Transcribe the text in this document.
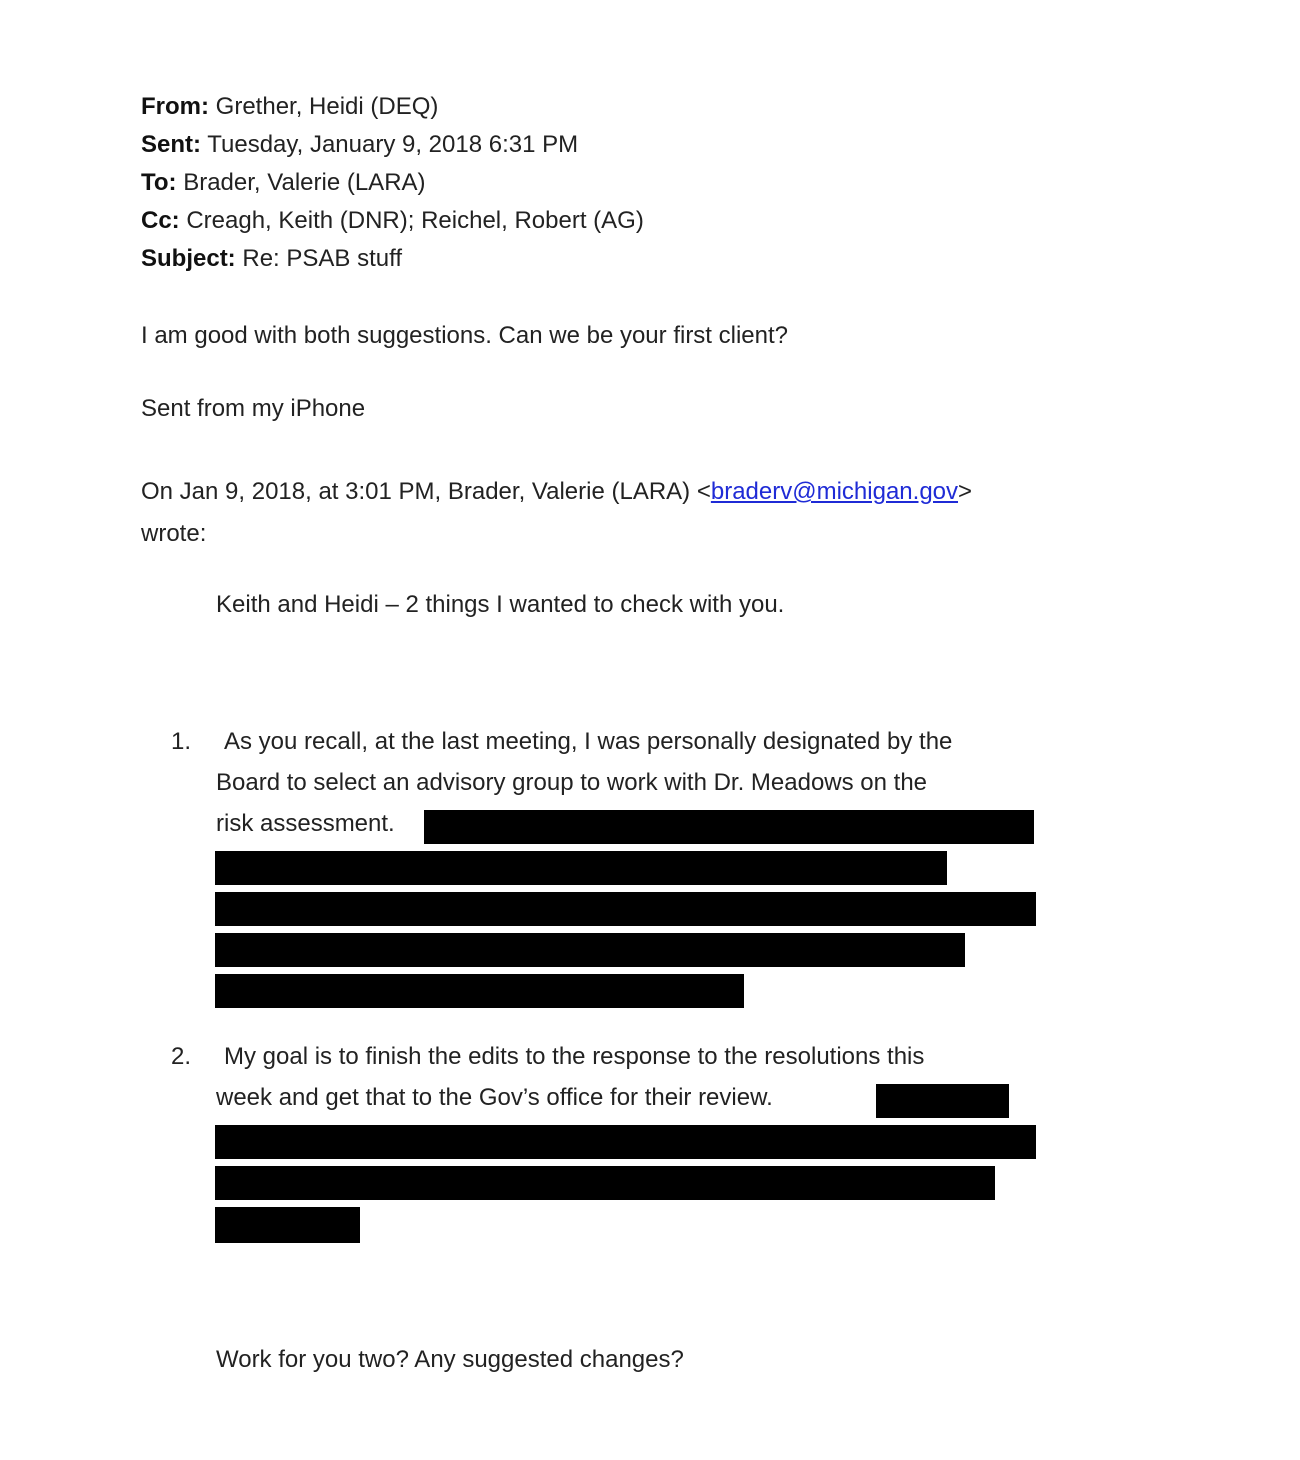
From: Grether, Heidi (DEQ)
Sent: Tuesday, January 9, 2018 6:31 PM
To: Brader, Valerie (LARA)
Cc: Creagh, Keith (DNR); Reichel, Robert (AG)
Subject: Re: PSAB stuff
I am good with both suggestions. Can we be your first client?
Sent from my iPhone
On Jan 9, 2018, at 3:01 PM, Brader, Valerie (LARA) <braderv@michigan.gov>
wrote:
Keith and Heidi – 2 things I wanted to check with you.
1. As you recall, at the last meeting, I was personally designated by the
Board to select an advisory group to work with Dr. Meadows on the
risk assessment.
2. My goal is to finish the edits to the response to the resolutions this
week and get that to the Gov’s office for their review.
Work for you two? Any suggested changes?
